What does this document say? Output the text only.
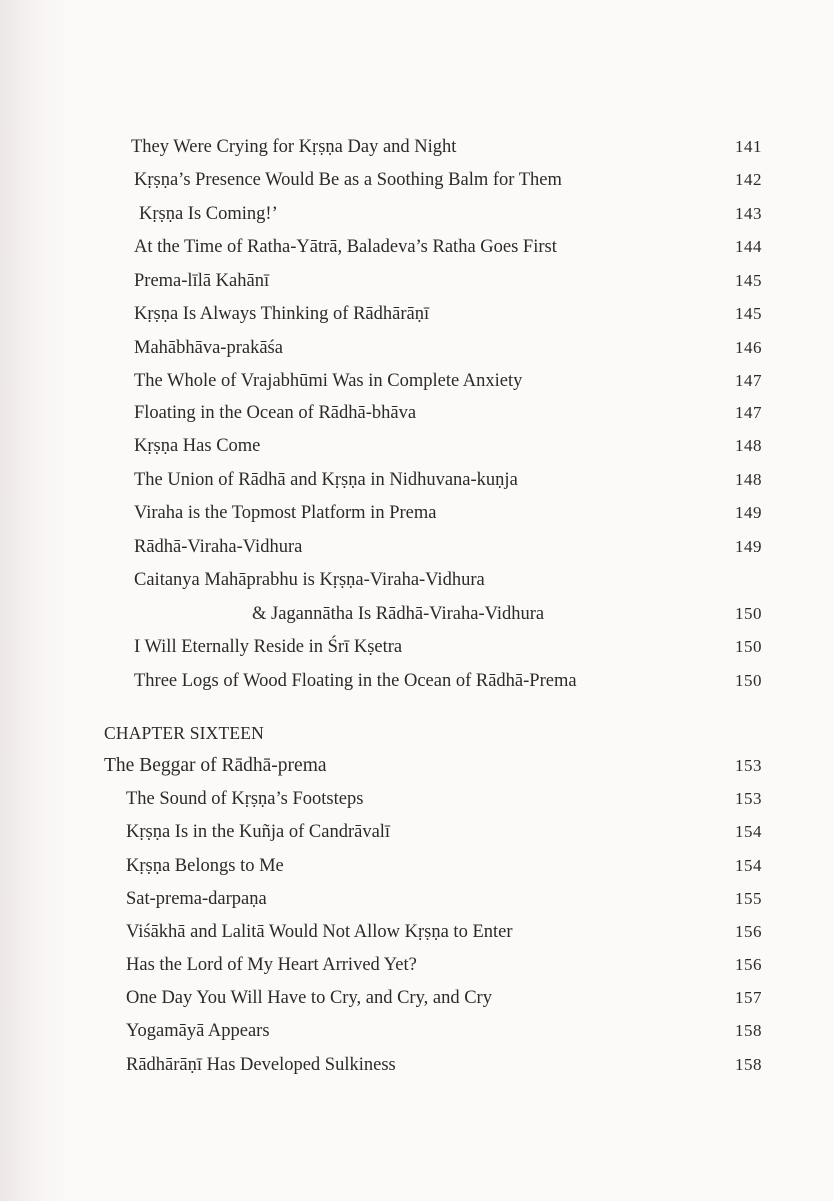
They Were Crying for Kṛṣṇa Day and Night	141
Kṛṣṇa’s Presence Would Be as a Soothing Balm for Them	142
Kṛṣṇa Is Coming!’	143
At the Time of Ratha-Yātrā, Baladeva’s Ratha Goes First	144
Prema-līlā Kahānī	145
Kṛṣṇa Is Always Thinking of Rādhārāṇī	145
Mahābhāva-prakāśa	146
The Whole of Vrajabhūmi Was in Complete Anxiety	147
Floating in the Ocean of Rādhā-bhāva	147
Kṛṣṇa Has Come	148
The Union of Rādhā and Kṛṣṇa in Nidhuvana-kuṇja	148
Viraha is the Topmost Platform in Prema	149
Rādhā-Viraha-Vidhura	149
Caitanya Mahāprabhu is Kṛṣṇa-Viraha-Vidhura
& Jagannātha Is Rādhā-Viraha-Vidhura	150
I Will Eternally Reside in Śrī Kṣetra	150
Three Logs of Wood Floating in the Ocean of Rādhā-Prema	150
CHAPTER SIXTEEN
The Beggar of Rādhā-prema	153
The Sound of Kṛṣṇa’s Footsteps	153
Kṛṣṇa Is in the Kuñja of Candrāvalī	154
Kṛṣṇa Belongs to Me	154
Sat-prema-darpaṇa	155
Viśākhā and Lalitā Would Not Allow Kṛṣṇa to Enter	156
Has the Lord of My Heart Arrived Yet?	156
One Day You Will Have to Cry, and Cry, and Cry	157
Yogamāyā Appears	158
Rādhārāṇī Has Developed Sulkiness	158
